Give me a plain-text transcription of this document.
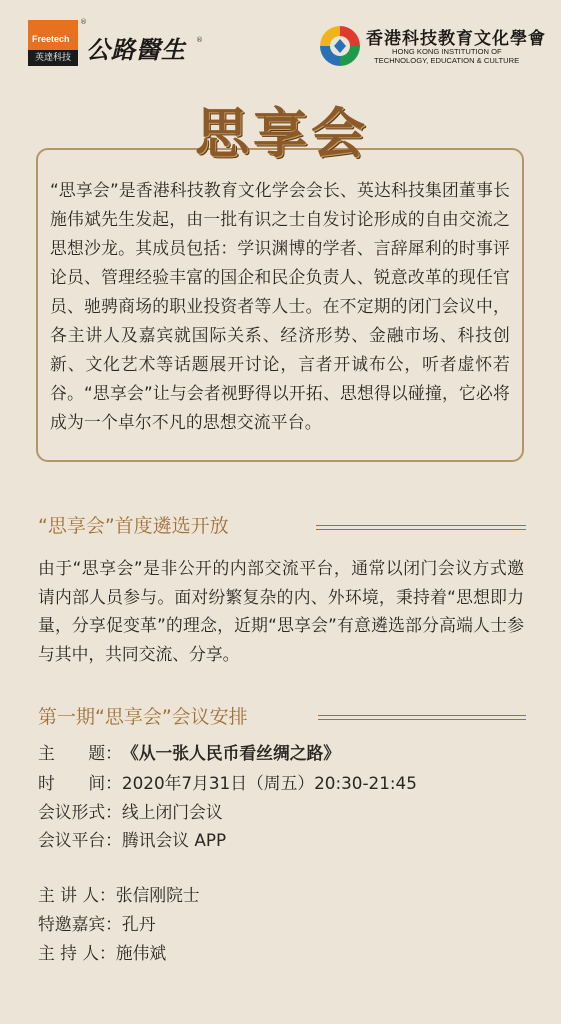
Freetech
英達科技
®
公路醫生 ®	香港科技教育文化學會
HONG KONG INSTITUTION OF
TECHNOLOGY, EDUCATION & CULTURE
思享会
“思享会”是香港科技教育文化学会会长、英达科技集团董事长施伟斌先生发起，由一批有识之士自发讨论形成的自由交流之思想沙龙。其成员包括：学识渊博的学者、言辞犀利的时事评论员、管理经验丰富的国企和民企负责人、锐意改革的现任官员、驰骋商场的职业投资者等人士。在不定期的闭门会议中，各主讲人及嘉宾就国际关系、经济形势、金融市场、科技创新、文化艺术等话题展开讨论，言者开诚布公，听者虚怀若谷。“思享会”让与会者视野得以开拓、思想得以碰撞，它必将成为一个卓尔不凡的思想交流平台。
“思享会”首度遴选开放
由于“思享会”是非公开的内部交流平台，通常以闭门会议方式邀请内部人员参与。面对纷繁复杂的内、外环境，秉持着“思想即力量，分享促变革”的理念，近期“思享会”有意遴选部分高端人士参与其中，共同交流、分享。
第一期“思享会”会议安排
主　　题：《从一张人民币看丝绸之路》
时　　间：2020年7月31日（周五）20:30-21:45
会议形式：线上闭门会议
会议平台：腾讯会议 APP
主 讲 人：张信刚院士
特邀嘉宾：孔丹
主 持 人：施伟斌
